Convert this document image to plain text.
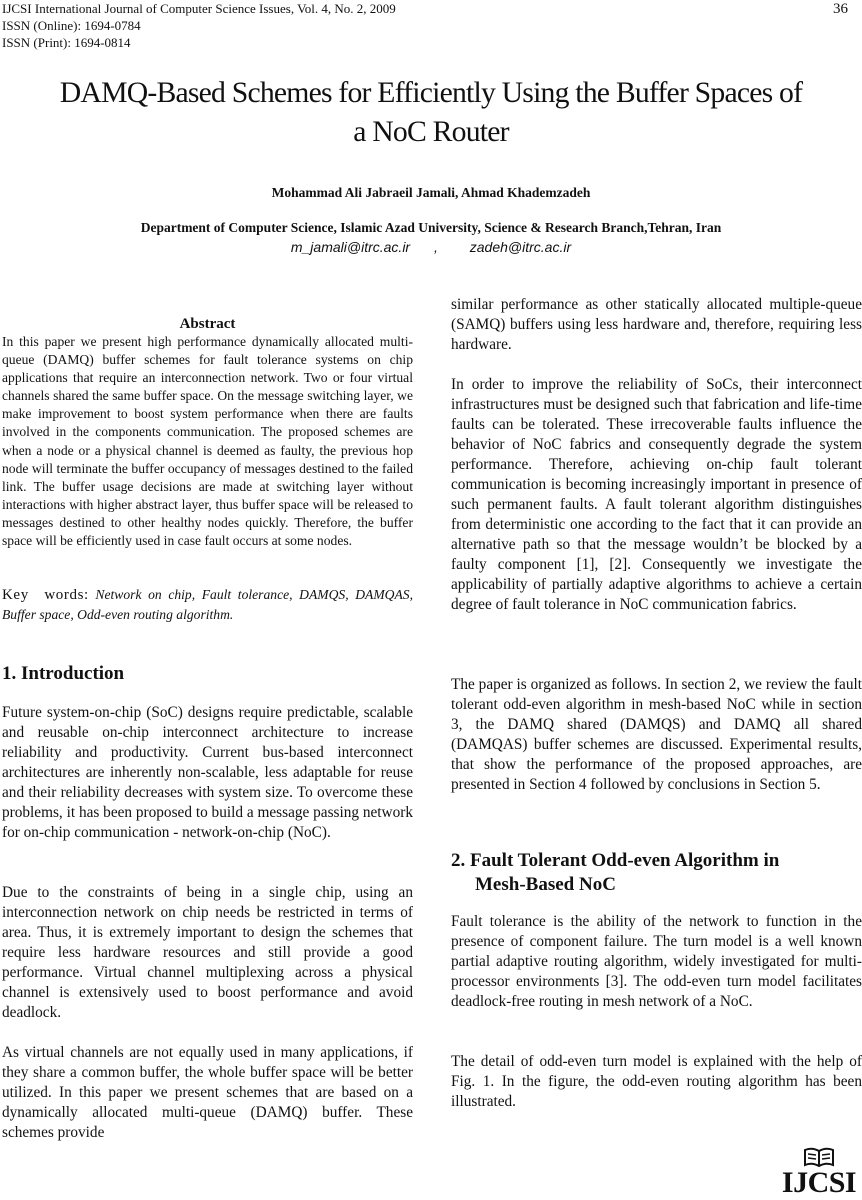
IJCSI International Journal of Computer Science Issues, Vol. 4, No. 2, 2009
ISSN (Online): 1694-0784
ISSN (Print): 1694-0814
36
DAMQ-Based Schemes for Efficiently Using the Buffer Spaces of
a NoC Router
Mohammad Ali Jabraeil Jamali, Ahmad Khademzadeh
Department of Computer Science, Islamic Azad University, Science & Research Branch,Tehran, Iran
m_jamali@itrc.ac.ir , zadeh@itrc.ac.ir
Abstract
In this paper we present high performance dynamically allocated multi-queue (DAMQ) buffer schemes for fault tolerance systems on chip applications that require an interconnection network. Two or four virtual channels shared the same buffer space. On the message switching layer, we make improvement to boost system performance when there are faults involved in the components communication. The proposed schemes are when a node or a physical channel is deemed as faulty, the previous hop node will terminate the buffer occupancy of messages destined to the failed link. The buffer usage decisions are made at switching layer without interactions with higher abstract layer, thus buffer space will be released to messages destined to other healthy nodes quickly. Therefore, the buffer space will be efficiently used in case fault occurs at some nodes.
Key words: Network on chip, Fault tolerance, DAMQS, DAMQAS, Buffer space, Odd-even routing algorithm.
1. Introduction
Future system-on-chip (SoC) designs require predictable, scalable and reusable on-chip interconnect architecture to increase reliability and productivity. Current bus-based interconnect architectures are inherently non-scalable, less adaptable for reuse and their reliability decreases with system size. To overcome these problems, it has been proposed to build a message passing network for on-chip communication - network-on-chip (NoC).
Due to the constraints of being in a single chip, using an interconnection network on chip needs be restricted in terms of area. Thus, it is extremely important to design the schemes that require less hardware resources and still provide a good performance. Virtual channel multiplexing across a physical channel is extensively used to boost performance and avoid deadlock.
As virtual channels are not equally used in many applications, if they share a common buffer, the whole buffer space will be better utilized. In this paper we present schemes that are based on a dynamically allocated multi-queue (DAMQ) buffer. These schemes provide
similar performance as other statically allocated multiple-queue (SAMQ) buffers using less hardware and, therefore, requiring less hardware.
In order to improve the reliability of SoCs, their interconnect infrastructures must be designed such that fabrication and life-time faults can be tolerated. These irrecoverable faults influence the behavior of NoC fabrics and consequently degrade the system performance. Therefore, achieving on-chip fault tolerant communication is becoming increasingly important in presence of such permanent faults. A fault tolerant algorithm distinguishes from deterministic one according to the fact that it can provide an alternative path so that the message wouldn’t be blocked by a faulty component [1], [2]. Consequently we investigate the applicability of partially adaptive algorithms to achieve a certain degree of fault tolerance in NoC communication fabrics.
The paper is organized as follows. In section 2, we review the fault tolerant odd-even algorithm in mesh-based NoC while in section 3, the DAMQ shared (DAMQS) and DAMQ all shared (DAMQAS) buffer schemes are discussed. Experimental results, that show the performance of the proposed approaches, are presented in Section 4 followed by conclusions in Section 5.
2. Fault Tolerant Odd-even Algorithm in
Mesh-Based NoC
Fault tolerance is the ability of the network to function in the presence of component failure. The turn model is a well known partial adaptive routing algorithm, widely investigated for multi-processor environments [3]. The odd-even turn model facilitates deadlock-free routing in mesh network of a NoC.
The detail of odd-even turn model is explained with the help of Fig. 1. In the figure, the odd-even routing algorithm has been illustrated.
IJCSI
